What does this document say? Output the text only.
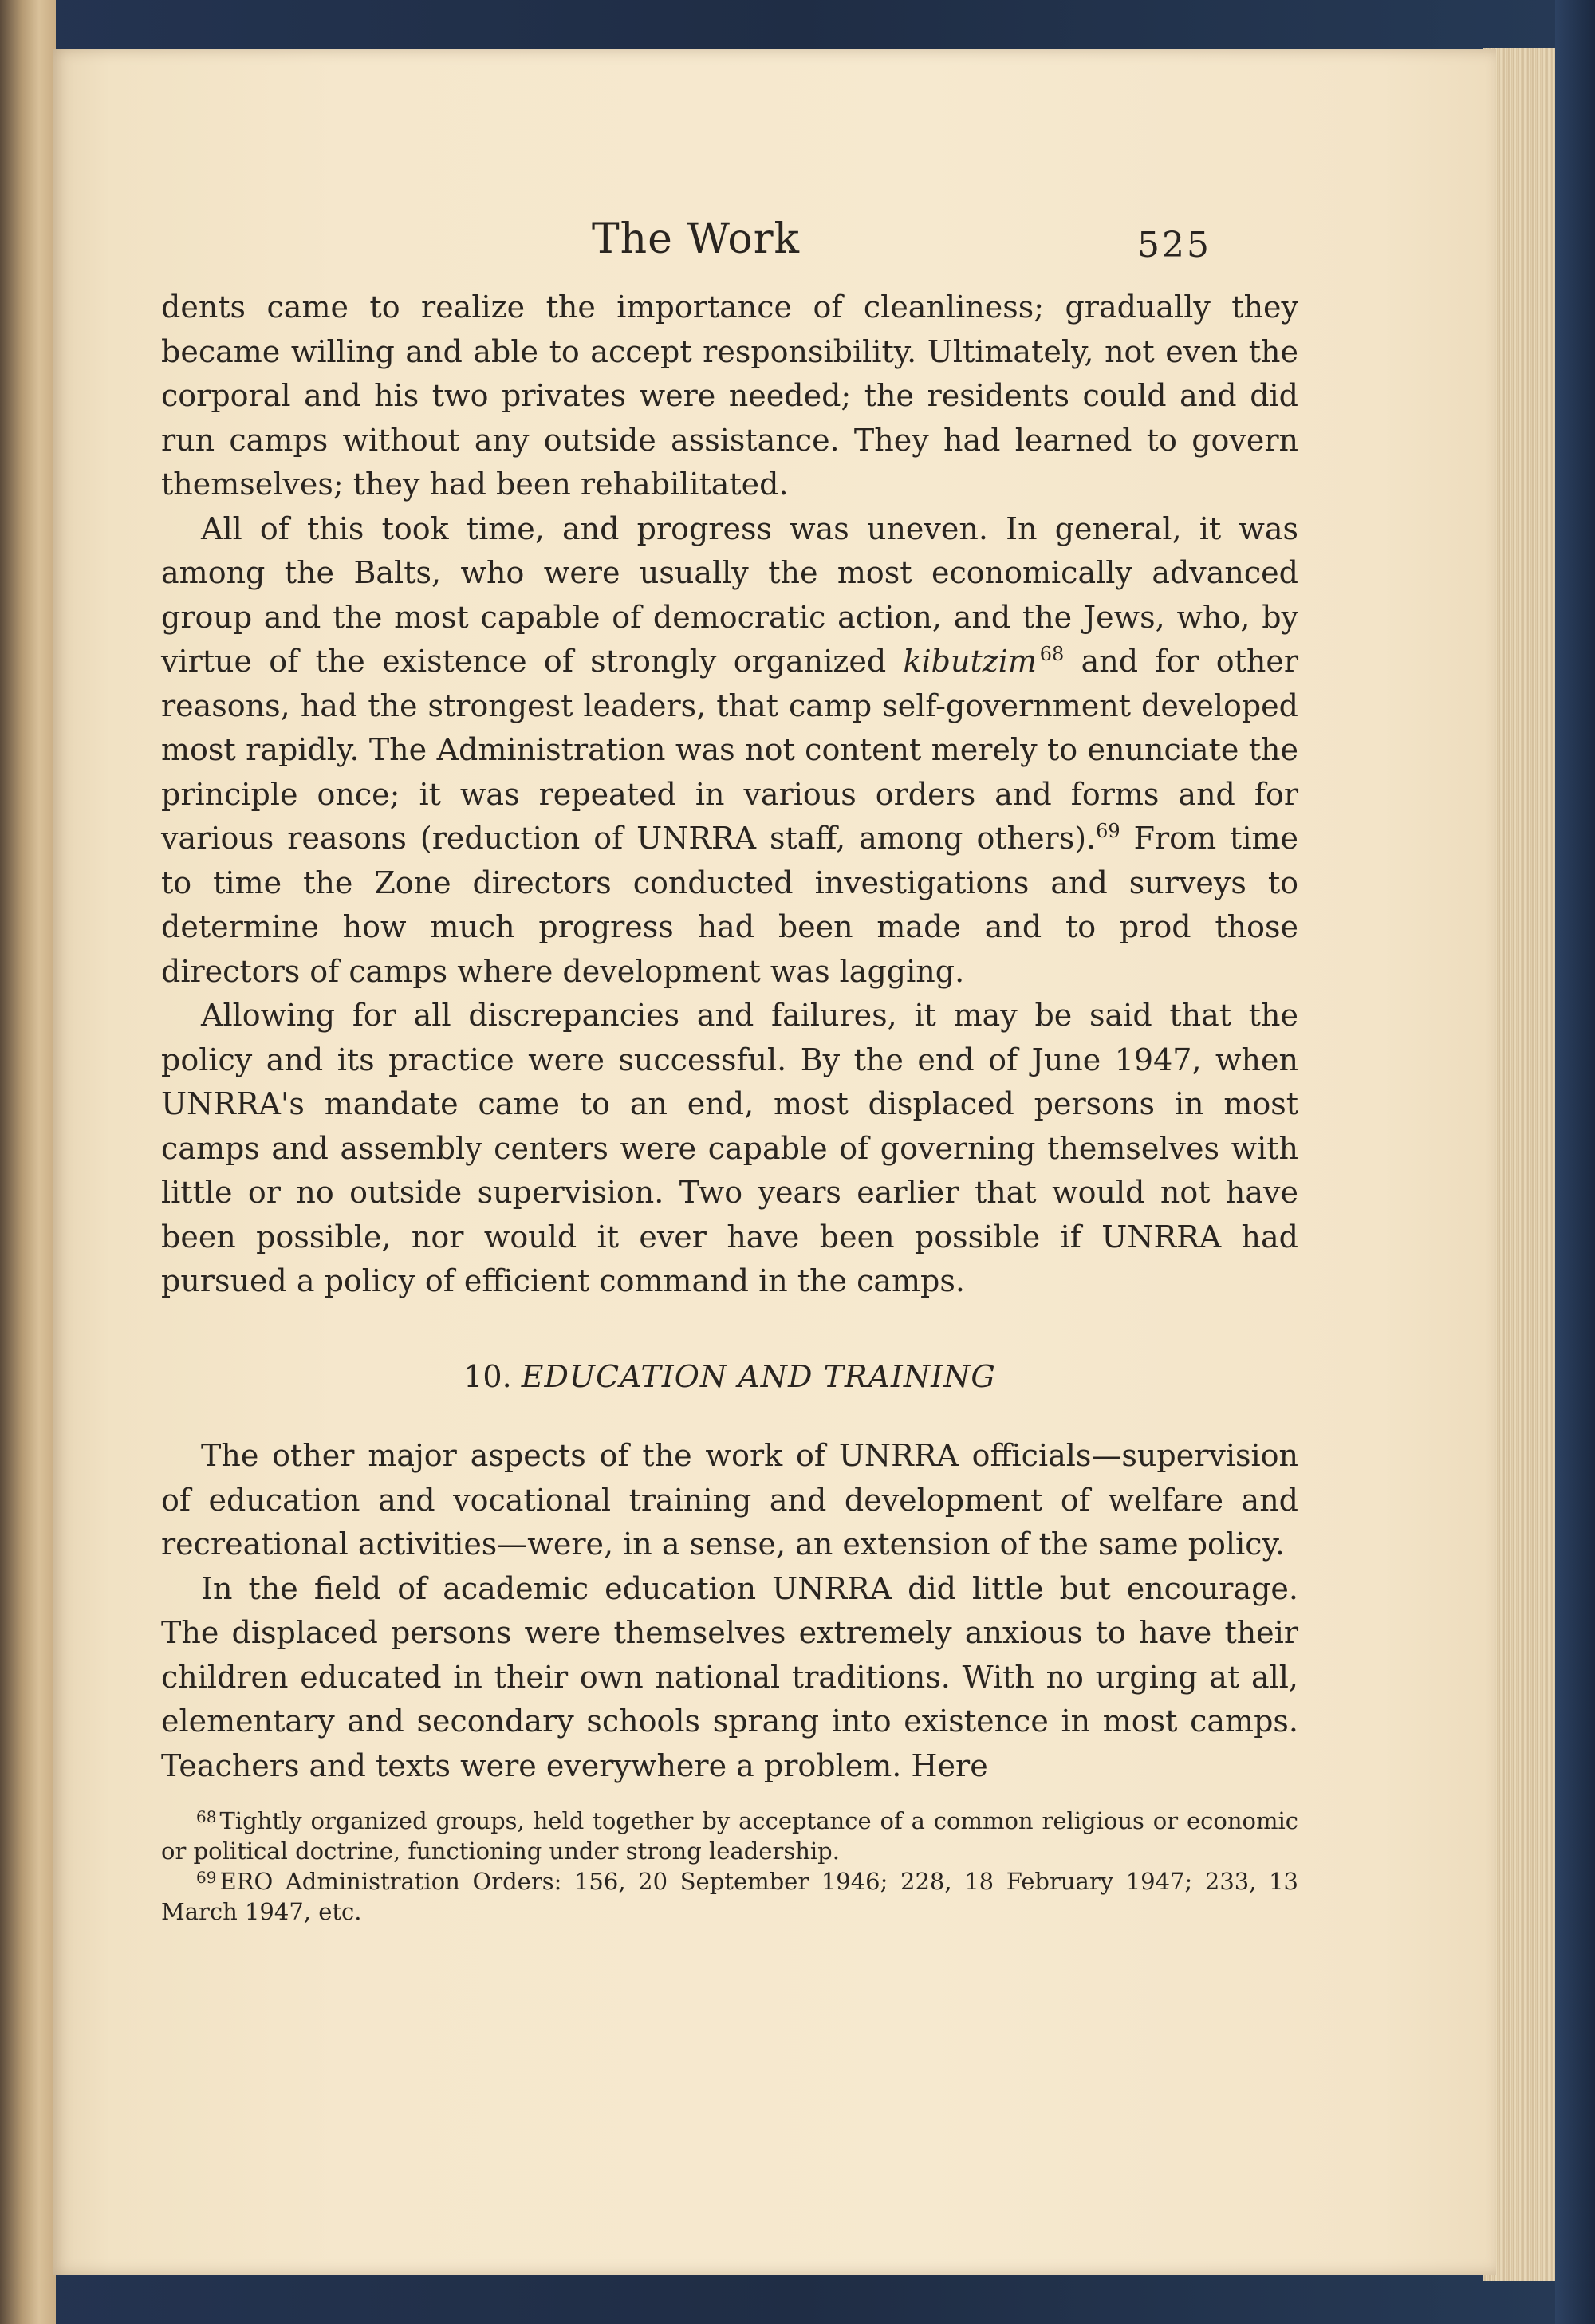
The Work	525

dents came to realize the importance of cleanliness; gradually they became willing and able to accept responsibility. Ultimately, not even the corporal and his two privates were needed; the residents could and did run camps without any outside assistance. They had learned to govern themselves; they had been rehabilitated.

All of this took time, and progress was uneven. In general, it was among the Balts, who were usually the most economically advanced group and the most capable of democratic action, and the Jews, who, by virtue of the existence of strongly organized kibutzim  $^{68}$ and for other reasons, had the strongest leaders, that camp self-government developed most rapidly. The Administration was not content merely to enunciate the principle once; it was repeated in various orders and forms and for various reasons (reduction of UNRRA staff, among others).$^{69}$ From time to time the Zone directors conducted investigations and surveys to determine how much progress had been made and to prod those directors of camps where development was lagging.

Allowing for all discrepancies and failures, it may be said that the policy and its practice were successful. By the end of June 1947, when UNRRA's mandate came to an end, most displaced persons in most camps and assembly centers were capable of governing themselves with little or no outside supervision. Two years earlier that would not have been possible, nor would it ever have been possible if UNRRA had pursued a policy of efficient command in the camps.

10. EDUCATION AND TRAINING

The other major aspects of the work of UNRRA officials—supervision of education and vocational training and development of welfare and recreational activities—were, in a sense, an extension of the same policy.

In the field of academic education UNRRA did little but encourage. The displaced persons were themselves extremely anxious to have their children educated in their own national traditions. With no urging at all, elementary and secondary schools sprang into existence in most camps. Teachers and texts were everywhere a problem. Here

$^{68}$ Tightly organized groups, held together by acceptance of a common religious or economic or political doctrine, functioning under strong leadership.

$^{69}$ ERO Administration Orders: 156, 20 September 1946; 228, 18 February 1947; 233, 13 March 1947, etc.
